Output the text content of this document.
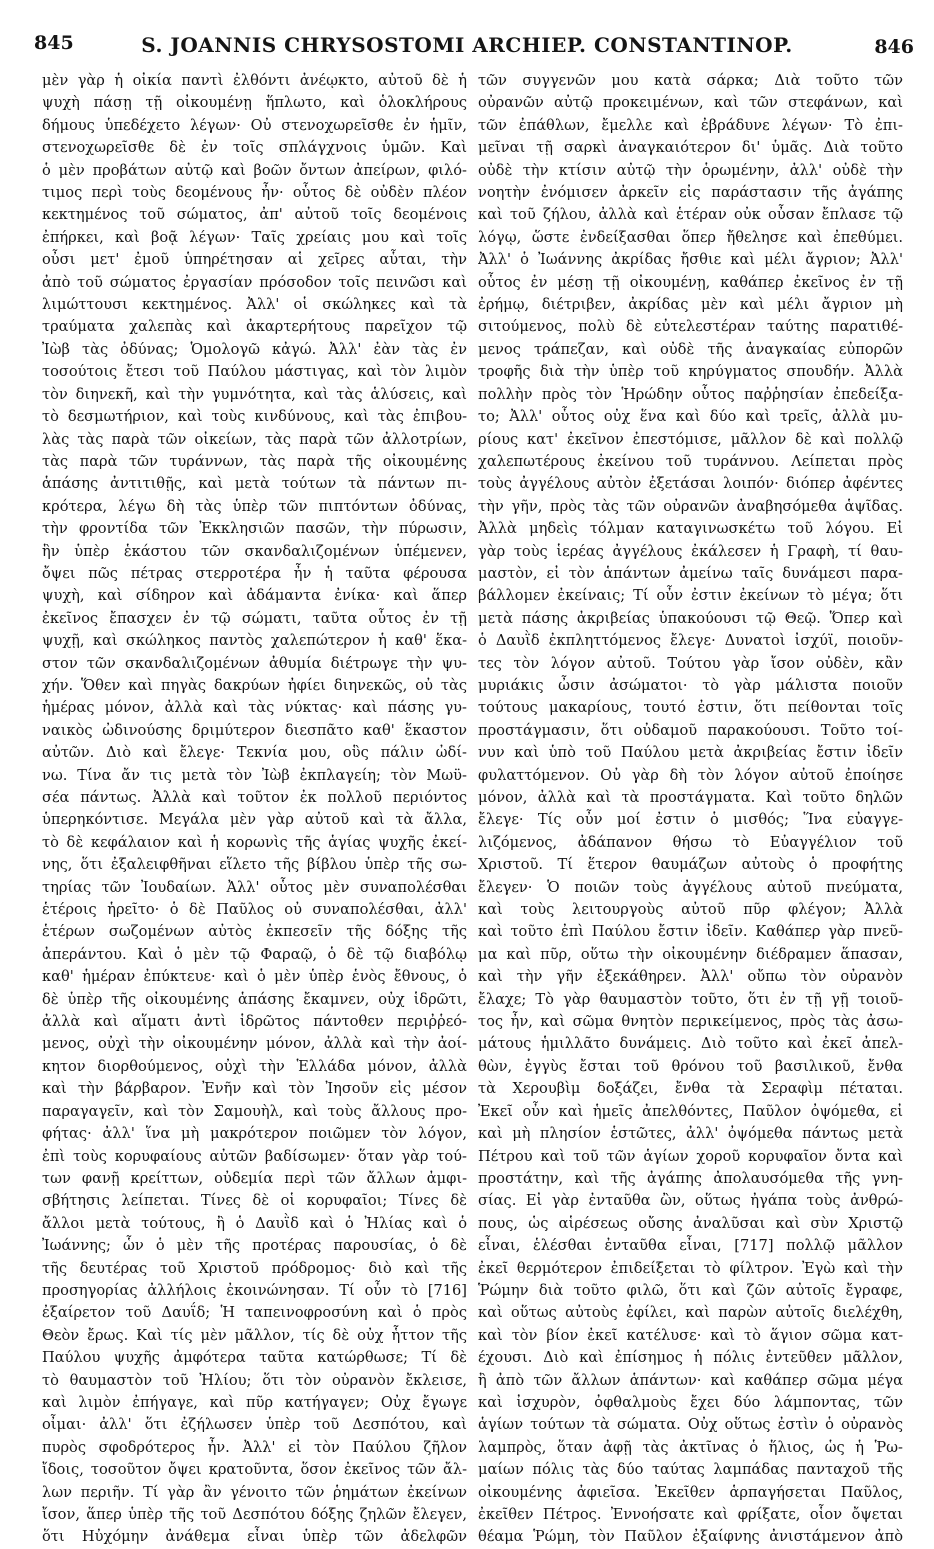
845	S. JOANNIS CHRYSOSTOMI ARCHIEP. CONSTANTINOP.	846
μὲν γὰρ ἡ οἰκία παντὶ ἐλθόντι ἀνέῳκτο, αὐτοῦ δὲ ἡ
ψυχὴ πάσῃ τῇ οἰκουμένῃ ἥπλωτο, καὶ ὁλοκλήρους
δήμους ὑπεδέχετο λέγων· Οὐ στενοχωρεῖσθε ἐν ἡμῖν,
στενοχωρεῖσθε δὲ ἐν τοῖς σπλάγχνοις ὑμῶν. Καὶ
ὁ μὲν προβάτων αὐτῷ καὶ βοῶν ὄντων ἀπείρων, φιλό-
τιμος περὶ τοὺς δεομένους ἦν· οὗτος δὲ οὐδὲν πλέον
κεκτημένος τοῦ σώματος, ἀπ' αὐτοῦ τοῖς δεομένοις
ἐπήρκει, καὶ βοᾷ λέγων· Ταῖς χρείαις μου καὶ τοῖς
οὖσι μετ' ἐμοῦ ὑπηρέτησαν αἱ χεῖρες αὗται, τὴν
ἀπὸ τοῦ σώματος ἐργασίαν πρόσοδον τοῖς πεινῶσι καὶ
λιμώττουσι κεκτημένος. Ἀλλ' οἱ σκώληκες καὶ τὰ
τραύματα χαλεπὰς καὶ ἀκαρτερήτους παρεῖχον τῷ
Ἰὼβ τὰς ὀδύνας; Ὁμολογῶ κἀγώ. Ἀλλ' ἐὰν τὰς ἐν
τοσούτοις ἔτεσι τοῦ Παύλου μάστιγας, καὶ τὸν λιμὸν
τὸν διηνεκῆ, καὶ τὴν γυμνότητα, καὶ τὰς ἁλύσεις, καὶ
τὸ δεσμωτήριον, καὶ τοὺς κινδύνους, καὶ τὰς ἐπιβου-
λὰς τὰς παρὰ τῶν οἰκείων, τὰς παρὰ τῶν ἀλλοτρίων,
τὰς παρὰ τῶν τυράννων, τὰς παρὰ τῆς οἰκουμένης
ἁπάσης ἀντιτιθῇς, καὶ μετὰ τούτων τὰ πάντων πι-
κρότερα, λέγω δὴ τὰς ὑπὲρ τῶν πιπτόντων ὀδύνας,
τὴν φροντίδα τῶν Ἐκκλησιῶν πασῶν, τὴν πύρωσιν,
ἣν ὑπὲρ ἑκάστου τῶν σκανδαλιζομένων ὑπέμενεν,
ὄψει πῶς πέτρας στερροτέρα ἦν ἡ ταῦτα φέρουσα
ψυχὴ, καὶ σίδηρον καὶ ἀδάμαντα ἐνίκα· καὶ ἅπερ
ἐκεῖνος ἔπασχεν ἐν τῷ σώματι, ταῦτα οὗτος ἐν τῇ
ψυχῇ, καὶ σκώληκος παντὸς χαλεπώτερον ἡ καθ' ἕκα-
στον τῶν σκανδαλιζομένων ἀθυμία διέτρωγε τὴν ψυ-
χήν. Ὅθεν καὶ πηγὰς δακρύων ἠφίει διηνεκῶς, οὐ τὰς
ἡμέρας μόνον, ἀλλὰ καὶ τὰς νύκτας· καὶ πάσης γυ-
ναικὸς ὠδινούσης δριμύτερον διεσπᾶτο καθ' ἕκαστον
αὐτῶν. Διὸ καὶ ἔλεγε· Τεκνία μου, οὓς πάλιν ὠδί-
νω. Τίνα ἄν τις μετὰ τὸν Ἰὼβ ἐκπλαγείη; τὸν Μωϋ-
σέα πάντως. Ἀλλὰ καὶ τοῦτον ἐκ πολλοῦ περιόντος
ὑπερηκόντισε. Μεγάλα μὲν γὰρ αὐτοῦ καὶ τὰ ἄλλα,
τὸ δὲ κεφάλαιον καὶ ἡ κορωνὶς τῆς ἁγίας ψυχῆς ἐκεί-
νης, ὅτι ἐξαλειφθῆναι εἵλετο τῆς βίβλου ὑπὲρ τῆς σω-
τηρίας τῶν Ἰουδαίων. Ἀλλ' οὗτος μὲν συναπολέσθαι
ἑτέροις ἡρεῖτο· ὁ δὲ Παῦλος οὐ συναπολέσθαι, ἀλλ'
ἑτέρων σωζομένων αὐτὸς ἐκπεσεῖν τῆς δόξης τῆς
ἀπεράντου. Καὶ ὁ μὲν τῷ Φαραῷ, ὁ δὲ τῷ διαβόλῳ
καθ' ἡμέραν ἐπύκτευε· καὶ ὁ μὲν ὑπὲρ ἑνὸς ἔθνους, ὁ
δὲ ὑπὲρ τῆς οἰκουμένης ἁπάσης ἔκαμνεν, οὐχ ἱδρῶτι,
ἀλλὰ καὶ αἵματι ἀντὶ ἱδρῶτος πάντοθεν περιῤῥεό-
μενος, οὐχὶ τὴν οἰκουμένην μόνον, ἀλλὰ καὶ τὴν ἀοί-
κητον διορθούμενος, οὐχὶ τὴν Ἑλλάδα μόνον, ἀλλὰ
καὶ τὴν βάρβαρον. Ἐνῆν καὶ τὸν Ἰησοῦν εἰς μέσον
παραγαγεῖν, καὶ τὸν Σαμουὴλ, καὶ τοὺς ἄλλους προ-
φήτας· ἀλλ' ἵνα μὴ μακρότερον ποιῶμεν τὸν λόγον,
ἐπὶ τοὺς κορυφαίους αὐτῶν βαδίσωμεν· ὅταν γὰρ τού-
των φανῇ κρείττων, οὐδεμία περὶ τῶν ἄλλων ἀμφι-
σβήτησις λείπεται. Τίνες δὲ οἱ κορυφαῖοι; Τίνες δὲ
ἄλλοι μετὰ τούτους, ἢ ὁ Δαυῒδ καὶ ὁ Ἠλίας καὶ ὁ
Ἰωάννης; ὧν ὁ μὲν τῆς προτέρας παρουσίας, ὁ δὲ
τῆς δευτέρας τοῦ Χριστοῦ πρόδρομος· διὸ καὶ τῆς
προσηγορίας ἀλλήλοις ἐκοινώνησαν. Τί οὖν τὸ [716]
ἐξαίρετον τοῦ Δαυΐδ; Ἡ ταπεινοφροσύνη καὶ ὁ πρὸς
Θεὸν ἔρως. Καὶ τίς μὲν μᾶλλον, τίς δὲ οὐχ ἧττον τῆς
Παύλου ψυχῆς ἀμφότερα ταῦτα κατώρθωσε; Τί δὲ
τὸ θαυμαστὸν τοῦ Ἠλίου; ὅτι τὸν οὐρανὸν ἔκλεισε,
καὶ λιμὸν ἐπήγαγε, καὶ πῦρ κατήγαγεν; Οὐχ ἔγωγε
οἶμαι· ἀλλ' ὅτι ἐζήλωσεν ὑπὲρ τοῦ Δεσπότου, καὶ
πυρὸς σφοδρότερος ἦν. Ἀλλ' εἰ τὸν Παύλου ζῆλον
ἴδοις, τοσοῦτον ὄψει κρατοῦντα, ὅσον ἐκεῖνος τῶν ἄλ-
λων περιῆν. Τί γὰρ ἂν γένοιτο τῶν ῥημάτων ἐκείνων
ἴσον, ἅπερ ὑπὲρ τῆς τοῦ Δεσπότου δόξης ζηλῶν ἔλεγεν,
ὅτι Ηὐχόμην ἀνάθεμα εἶναι ὑπὲρ τῶν ἀδελφῶν
τῶν συγγενῶν μου κατὰ σάρκα; Διὰ τοῦτο τῶν
οὐρανῶν αὐτῷ προκειμένων, καὶ τῶν στεφάνων, καὶ
τῶν ἐπάθλων, ἔμελλε καὶ ἐβράδυνε λέγων· Τὸ ἐπι-
μεῖναι τῇ σαρκὶ ἀναγκαιότερον δι' ὑμᾶς. Διὰ τοῦτο
οὐδὲ τὴν κτίσιν αὐτῷ τὴν ὁρωμένην, ἀλλ' οὐδὲ τὴν
νοητὴν ἐνόμισεν ἀρκεῖν εἰς παράστασιν τῆς ἀγάπης
καὶ τοῦ ζήλου, ἀλλὰ καὶ ἑτέραν οὐκ οὖσαν ἔπλασε τῷ
λόγῳ, ὥστε ἐνδείξασθαι ὅπερ ἤθελησε καὶ ἐπεθύμει.
Ἀλλ' ὁ Ἰωάννης ἀκρίδας ἤσθιε καὶ μέλι ἄγριον; Ἀλλ'
οὗτος ἐν μέσῃ τῇ οἰκουμένῃ, καθάπερ ἐκεῖνος ἐν τῇ
ἐρήμῳ, διέτριβεν, ἀκρίδας μὲν καὶ μέλι ἄγριον μὴ
σιτούμενος, πολὺ δὲ εὐτελεστέραν ταύτης παρατιθέ-
μενος τράπεζαν, καὶ οὐδὲ τῆς ἀναγκαίας εὐπορῶν
τροφῆς διὰ τὴν ὑπὲρ τοῦ κηρύγματος σπουδήν. Ἀλλὰ
πολλὴν πρὸς τὸν Ἡρώδην οὗτος παῤῥησίαν ἐπεδείξα-
το; Ἀλλ' οὗτος οὐχ ἕνα καὶ δύο καὶ τρεῖς, ἀλλὰ μυ-
ρίους κατ' ἐκεῖνον ἐπεστόμισε, μᾶλλον δὲ καὶ πολλῷ
χαλεπωτέρους ἐκείνου τοῦ τυράννου. Λείπεται πρὸς
τοὺς ἀγγέλους αὐτὸν ἐξετάσαι λοιπόν· διόπερ ἀφέντες
τὴν γῆν, πρὸς τὰς τῶν οὐρανῶν ἀναβησόμεθα ἁψῖδας.
Ἀλλὰ μηδεὶς τόλμαν καταγινωσκέτω τοῦ λόγου. Εἰ
γὰρ τοὺς ἱερέας ἀγγέλους ἐκάλεσεν ἡ Γραφὴ, τί θαυ-
μαστὸν, εἰ τὸν ἁπάντων ἀμείνω ταῖς δυνάμεσι παρα-
βάλλομεν ἐκείναις; Τί οὖν ἐστιν ἐκείνων τὸ μέγα; ὅτι
μετὰ πάσης ἀκριβείας ὑπακούουσι τῷ Θεῷ. Ὅπερ καὶ
ὁ Δαυῒδ ἐκπληττόμενος ἔλεγε· Δυνατοὶ ἰσχύϊ, ποιοῦν-
τες τὸν λόγον αὐτοῦ. Τούτου γὰρ ἴσον οὐδὲν, κἂν
μυριάκις ὦσιν ἀσώματοι· τὸ γὰρ μάλιστα ποιοῦν
τούτους μακαρίους, τουτό ἐστιν, ὅτι πείθονται τοῖς
προστάγμασιν, ὅτι οὐδαμοῦ παρακούουσι. Τοῦτο τοί-
νυν καὶ ὑπὸ τοῦ Παύλου μετὰ ἀκριβείας ἔστιν ἰδεῖν
φυλαττόμενον. Οὐ γὰρ δὴ τὸν λόγον αὐτοῦ ἐποίησε
μόνον, ἀλλὰ καὶ τὰ προστάγματα. Καὶ τοῦτο δηλῶν
ἔλεγε· Τίς οὖν μοί ἐστιν ὁ μισθός; Ἵνα εὐαγγε-
λιζόμενος, ἀδάπανον θήσω τὸ Εὐαγγέλιον τοῦ
Χριστοῦ. Τί ἕτερον θαυμάζων αὐτοὺς ὁ προφήτης
ἔλεγεν· Ὁ ποιῶν τοὺς ἀγγέλους αὐτοῦ πνεύματα,
καὶ τοὺς λειτουργοὺς αὐτοῦ πῦρ φλέγον; Ἀλλὰ
καὶ τοῦτο ἐπὶ Παύλου ἔστιν ἰδεῖν. Καθάπερ γὰρ πνεῦ-
μα καὶ πῦρ, οὕτω τὴν οἰκουμένην διέδραμεν ἅπασαν,
καὶ τὴν γῆν ἐξεκάθηρεν. Ἀλλ' οὔπω τὸν οὐρανὸν
ἔλαχε; Τὸ γὰρ θαυμαστὸν τοῦτο, ὅτι ἐν τῇ γῇ τοιοῦ-
τος ἦν, καὶ σῶμα θνητὸν περικείμενος, πρὸς τὰς ἀσω-
μάτους ἡμιλλᾶτο δυνάμεις. Διὸ τοῦτο καὶ ἐκεῖ ἀπελ-
θὼν, ἐγγὺς ἔσται τοῦ θρόνου τοῦ βασιλικοῦ, ἔνθα
τὰ Χερουβὶμ δοξάζει, ἔνθα τὰ Σεραφὶμ πέταται.
Ἐκεῖ οὖν καὶ ἡμεῖς ἀπελθόντες, Παῦλον ὀψόμεθα, εἰ
καὶ μὴ πλησίον ἑστῶτες, ἀλλ' ὀψόμεθα πάντως μετὰ
Πέτρου καὶ τοῦ τῶν ἁγίων χοροῦ κορυφαῖον ὄντα καὶ
προστάτην, καὶ τῆς ἀγάπης ἀπολαυσόμεθα τῆς γνη-
σίας. Εἰ γὰρ ἐνταῦθα ὢν, οὕτως ἠγάπα τοὺς ἀνθρώ-
πους, ὡς αἱρέσεως οὔσης ἀναλῦσαι καὶ σὺν Χριστῷ
εἶναι, ἑλέσθαι ἐνταῦθα εἶναι, [717] πολλῷ μᾶλλον
ἐκεῖ θερμότερον ἐπιδείξεται τὸ φίλτρον. Ἐγὼ καὶ τὴν
Ῥώμην διὰ τοῦτο φιλῶ, ὅτι καὶ ζῶν αὐτοῖς ἔγραφε,
καὶ οὕτως αὐτοὺς ἐφίλει, καὶ παρὼν αὐτοῖς διελέχθη,
καὶ τὸν βίον ἐκεῖ κατέλυσε· καὶ τὸ ἅγιον σῶμα κατ-
έχουσι. Διὸ καὶ ἐπίσημος ἡ πόλις ἐντεῦθεν μᾶλλον,
ἢ ἀπὸ τῶν ἄλλων ἁπάντων· καὶ καθάπερ σῶμα μέγα
καὶ ἰσχυρὸν, ὀφθαλμοὺς ἔχει δύο λάμποντας, τῶν
ἁγίων τούτων τὰ σώματα. Οὐχ οὕτως ἐστὶν ὁ οὐρανὸς
λαμπρὸς, ὅταν ἀφῇ τὰς ἀκτῖνας ὁ ἥλιος, ὡς ἡ Ῥω-
μαίων πόλις τὰς δύο ταύτας λαμπάδας πανταχοῦ τῆς
οἰκουμένης ἀφιεῖσα. Ἐκεῖθεν ἁρπαγήσεται Παῦλος,
ἐκεῖθεν Πέτρος. Ἐννοήσατε καὶ φρίξατε, οἷον ὄψεται
θέαμα Ῥώμη, τὸν Παῦλον ἐξαίφνης ἀνιστάμενον ἀπὸ
